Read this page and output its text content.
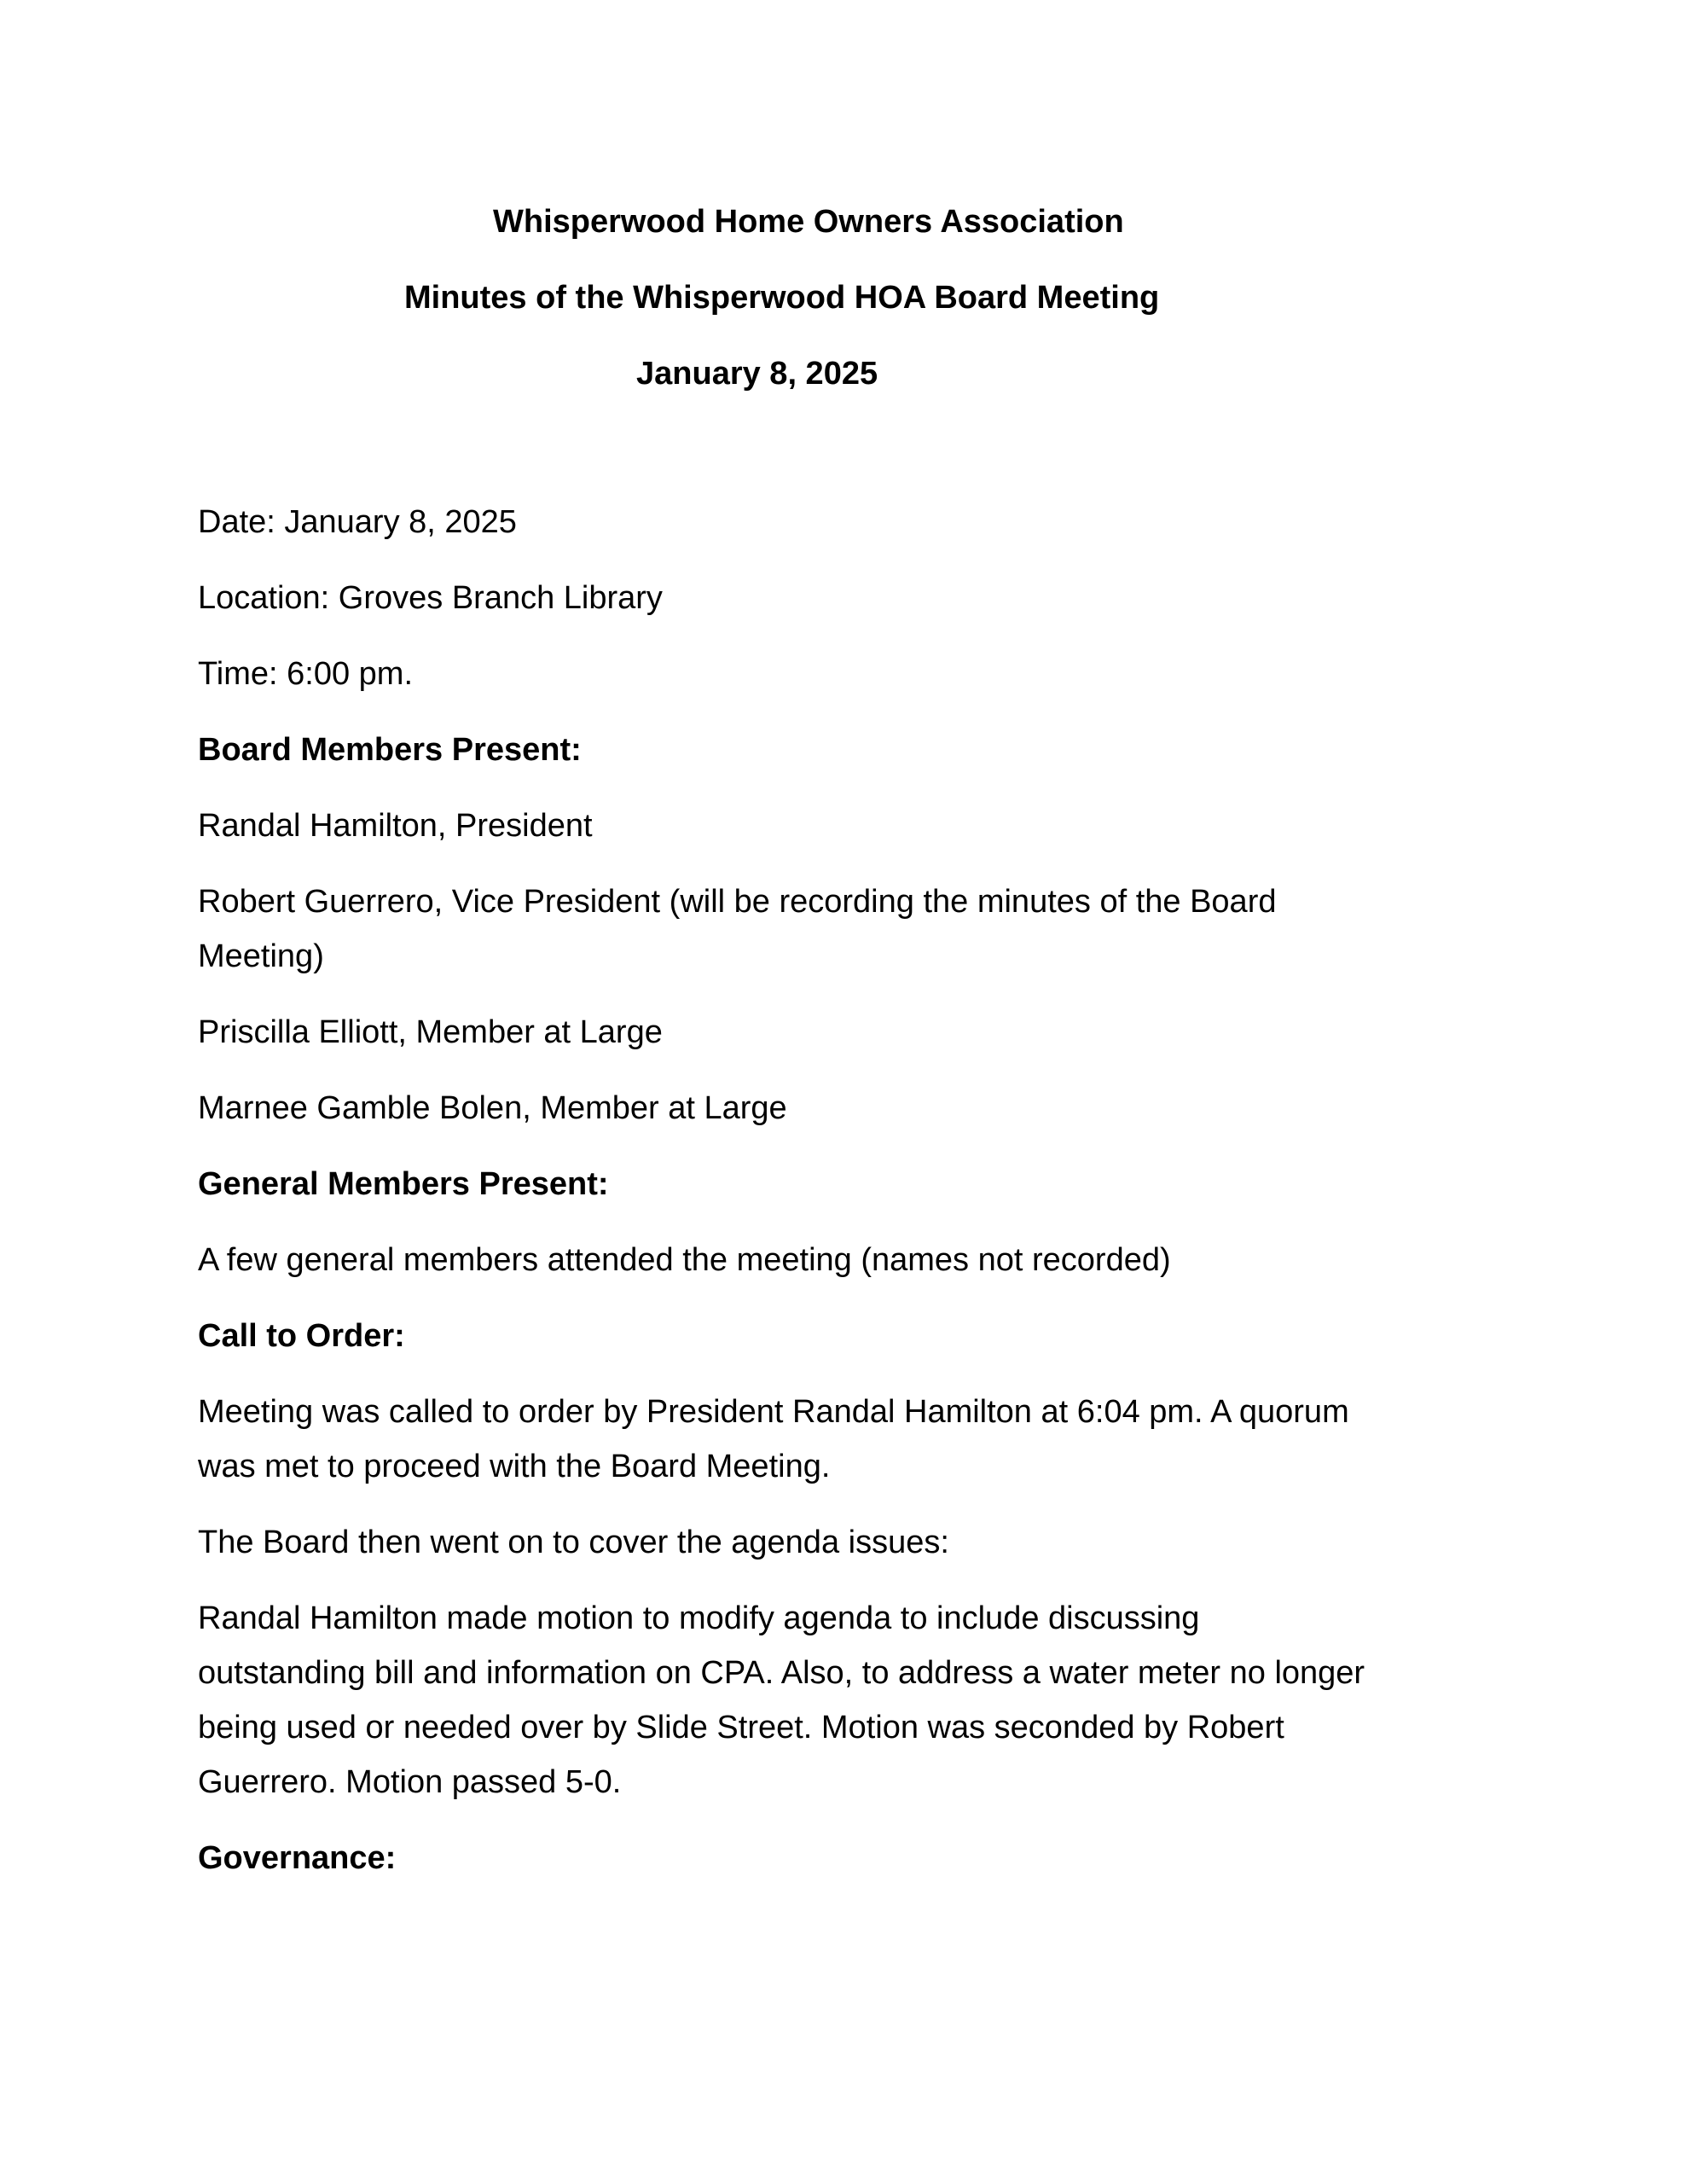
Whisperwood Home Owners Association
Minutes of the Whisperwood HOA Board Meeting
January 8, 2025

Date: January 8, 2025

Location: Groves Branch Library

Time: 6:00 pm.

Board Members Present:

Randal Hamilton, President

Robert Guerrero, Vice President (will be recording the minutes of the Board

Meeting)

Priscilla Elliott, Member at Large

Marnee Gamble Bolen, Member at Large

General Members Present:

A few general members attended the meeting (names not recorded)

Call to Order:

Meeting was called to order by President Randal Hamilton at 6:04 pm. A quorum

was met to proceed with the Board Meeting.

The Board then went on to cover the agenda issues:

Randal Hamilton made motion to modify agenda to include discussing

outstanding bill and information on CPA. Also, to address a water meter no longer

being used or needed over by Slide Street. Motion was seconded by Robert

Guerrero. Motion passed 5-0.

Governance:
